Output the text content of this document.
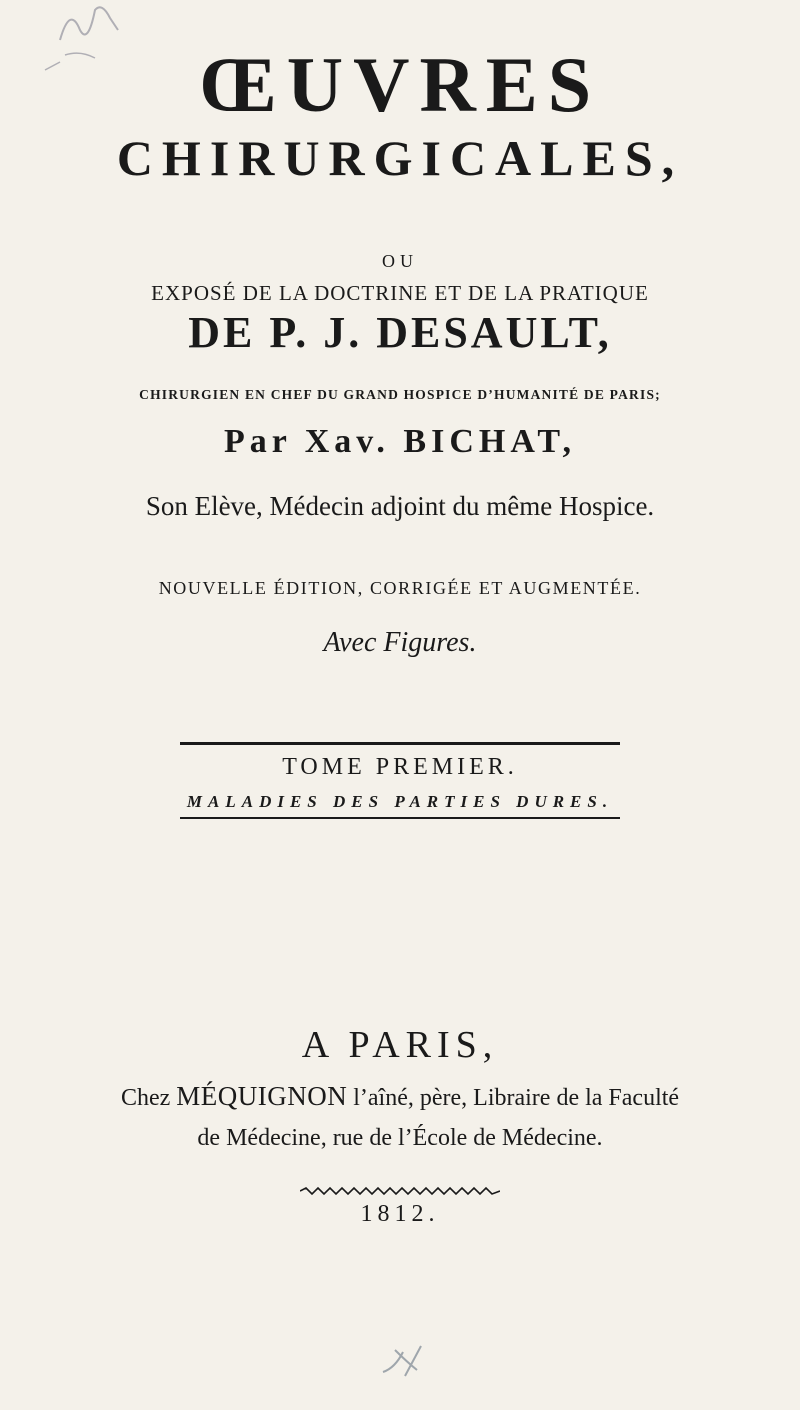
ŒUVRES
CHIRURGICALES,
OU
EXPOSÉ DE LA DOCTRINE ET DE LA PRATIQUE
DE P. J. DESAULT,
CHIRURGIEN EN CHEF DU GRAND HOSPICE D’HUMANITÉ DE PARIS;
Par Xav. BICHAT,
Son Elève, Médecin adjoint du même Hospice.
NOUVELLE ÉDITION, CORRIGÉE ET AUGMENTÉE.
Avec Figures.
TOME PREMIER.
MALADIES DES PARTIES DURES.
A PARIS,
Chez MÉQUIGNON l’aîné, père, Libraire de la Faculté
de Médecine, rue de l’École de Médecine.
1812.
